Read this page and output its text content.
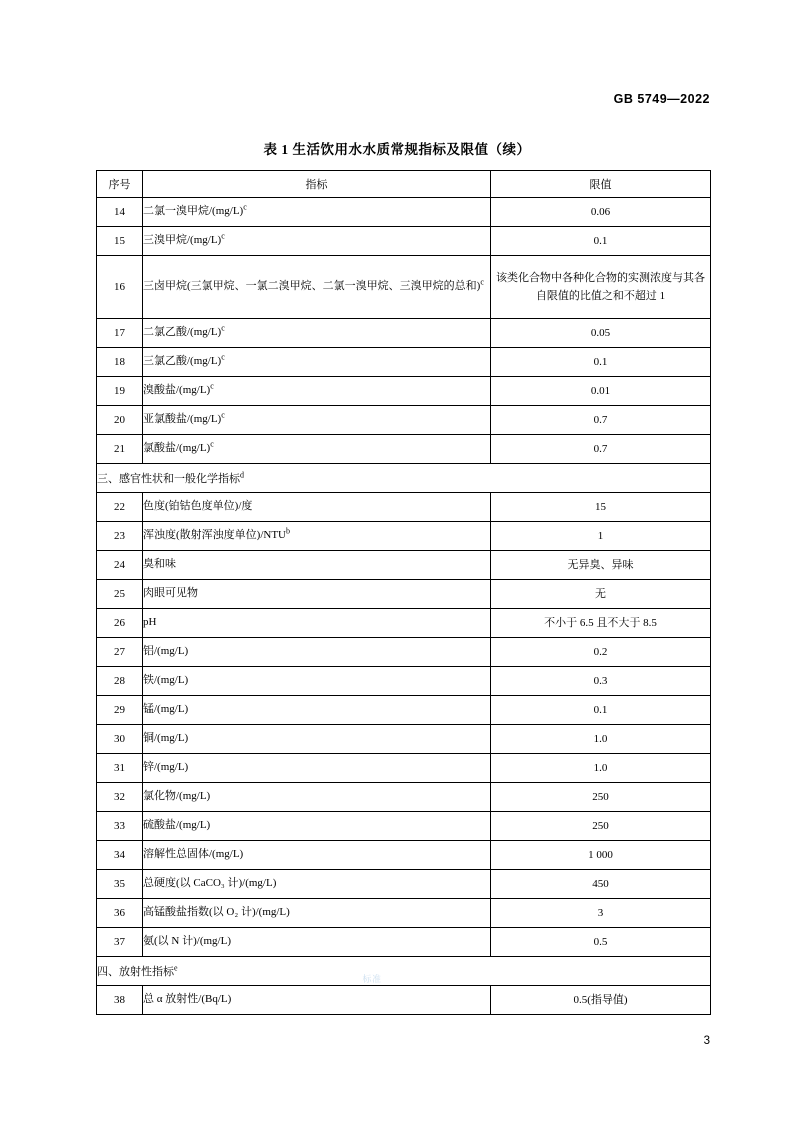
GB 5749—2022
表 1 生活饮用水水质常规指标及限值（续）
序号	指标	限值
14	二氯一溴甲烷$/(mg/L)^c$	0.06
15	三溴甲烷$/(mg/L)^c$	0.1
16	三卤甲烷(三氯甲烷、一氯二溴甲烷、二氯一溴甲烷、三溴甲烷的总和)$^c$	该类化合物中各种化合物的实测浓度与其各自限值的比值之和不超过 1
17	二氯乙酸$/(mg/L)^c$	0.05
18	三氯乙酸$/(mg/L)^c$	0.1
19	溴酸盐$/(mg/L)^c$	0.01
20	亚氯酸盐$/(mg/L)^c$	0.7
21	氯酸盐$/(mg/L)^c$	0.7
三、感官性状和一般化学指标$^d$
22	色度(铂钴色度单位)/度	15
23	浑浊度(散射浑浊度单位)/NTU$^b$	1
24	臭和味	无异臭、异味
25	肉眼可见物	无
26	pH	不小于 6.5 且不大于 8.5
27	铝/(mg/L)	0.2
28	铁/(mg/L)	0.3
29	锰/(mg/L)	0.1
30	铜/(mg/L)	1.0
31	锌/(mg/L)	1.0
32	氯化物/(mg/L)	250
33	硫酸盐/(mg/L)	250
34	溶解性总固体/(mg/L)	1 000
35	总硬度(以 CaCO₃ 计)/(mg/L)	450
36	高锰酸盐指数(以 O₂ 计)/(mg/L)	3
37	氨(以 N 计)/(mg/L)	0.5
四、放射性指标$^e$
38	总 α 放射性/(Bq/L)	0.5(指导值)
标准
3
